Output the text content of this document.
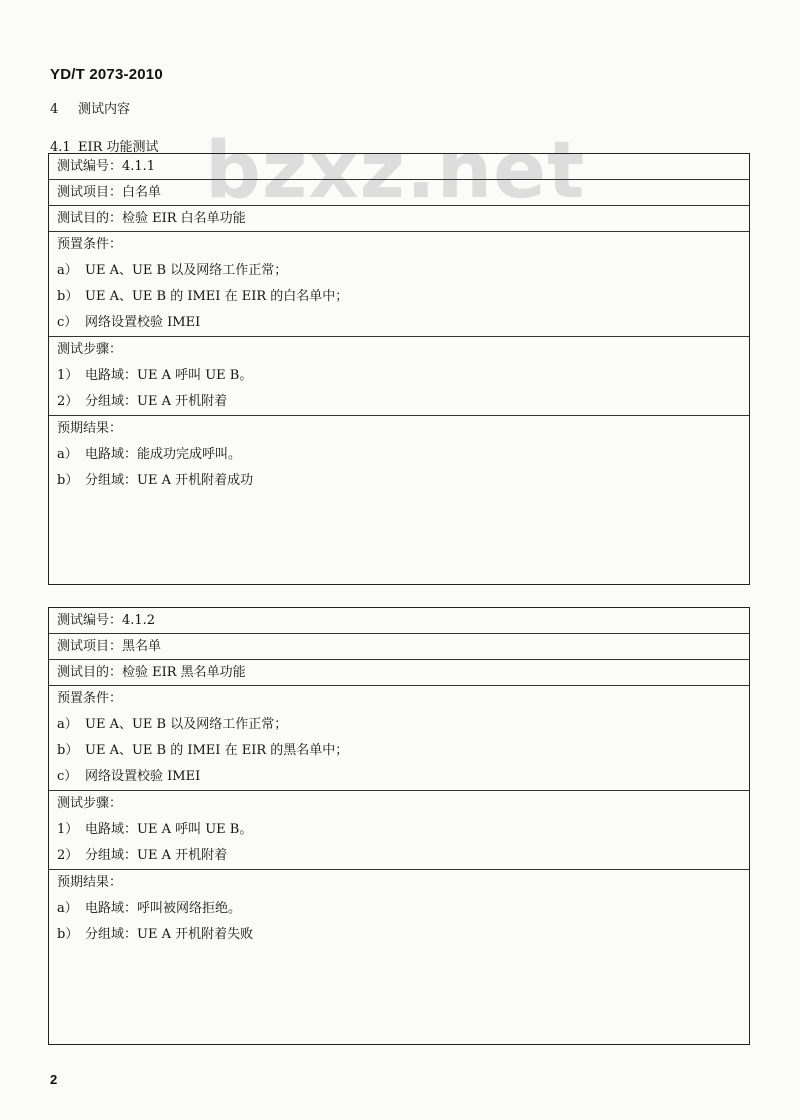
YD/T 2073-2010
4 测试内容
4.1 EIR 功能测试 bzxz.net
测试编号：4.1.1
测试项目：白名单
测试目的：检验 EIR 白名单功能
预置条件：
a） UE A、UE B 以及网络工作正常；
b） UE A、UE B 的 IMEI 在 EIR 的白名单中；
c） 网络设置校验 IMEI
测试步骤：
1） 电路域：UE A 呼叫 UE B。
2） 分组域：UE A 开机附着
预期结果：
a） 电路域：能成功完成呼叫。
b） 分组域：UE A 开机附着成功
测试编号：4.1.2
测试项目：黑名单
测试目的：检验 EIR 黑名单功能
预置条件：
a） UE A、UE B 以及网络工作正常；
b） UE A、UE B 的 IMEI 在 EIR 的黑名单中；
c） 网络设置校验 IMEI
测试步骤：
1） 电路域：UE A 呼叫 UE B。
2） 分组域：UE A 开机附着
预期结果：
a） 电路域：呼叫被网络拒绝。
b） 分组域：UE A 开机附着失败
2
